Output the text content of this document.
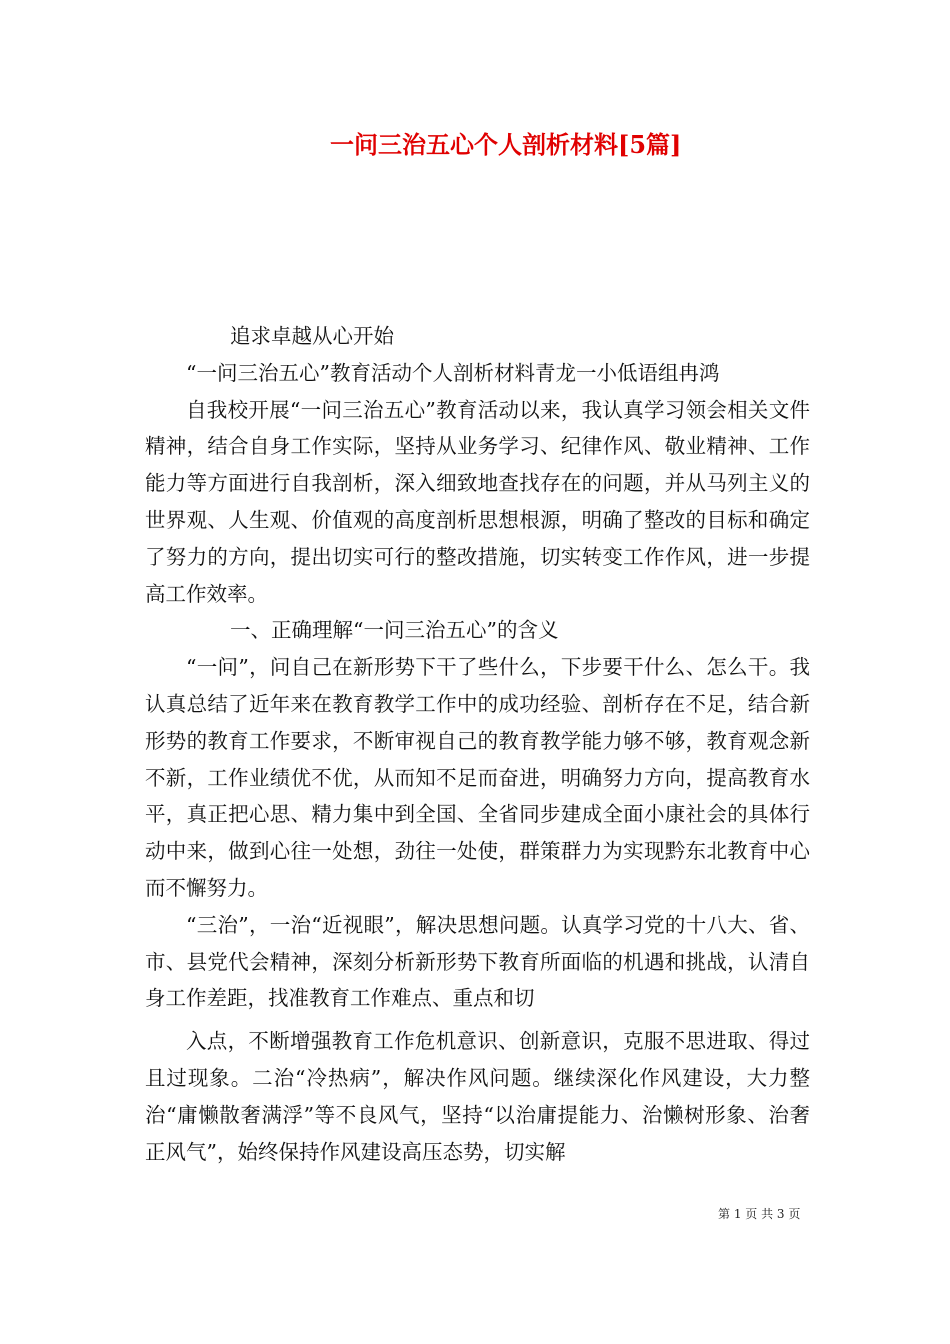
一问三治五心个人剖析材料[5篇]

追求卓越从心开始

“一问三治五心”教育活动个人剖析材料青龙一小低语组冉鸿

自我校开展“一问三治五心”教育活动以来，我认真学习领会相关文件精神，结合自身工作实际，坚持从业务学习、纪律作风、敬业精神、工作能力等方面进行自我剖析，深入细致地查找存在的问题，并从马列主义的世界观、人生观、价值观的高度剖析思想根源，明确了整改的目标和确定了努力的方向，提出切实可行的整改措施，切实转变工作作风，进一步提高工作效率。

一、正确理解“一问三治五心”的含义

“一问”，问自己在新形势下干了些什么，下步要干什么、怎么干。我认真总结了近年来在教育教学工作中的成功经验、剖析存在不足，结合新形势的教育工作要求，不断审视自己的教育教学能力够不够，教育观念新不新，工作业绩优不优，从而知不足而奋进，明确努力方向，提高教育水平，真正把心思、精力集中到全国、全省同步建成全面小康社会的具体行动中来，做到心往一处想，劲往一处使，群策群力为实现黔东北教育中心而不懈努力。

“三治”，一治“近视眼”，解决思想问题。认真学习党的十八大、省、市、县党代会精神，深刻分析新形势下教育所面临的机遇和挑战，认清自身工作差距，找准教育工作难点、重点和切

入点，不断增强教育工作危机意识、创新意识，克服不思进取、得过且过现象。二治“冷热病”，解决作风问题。继续深化作风建设，大力整治“庸懒散奢满浮”等不良风气，坚持“以治庸提能力、治懒树形象、治奢正风气”，始终保持作风建设高压态势，切实解

第 1 页 共 3 页
